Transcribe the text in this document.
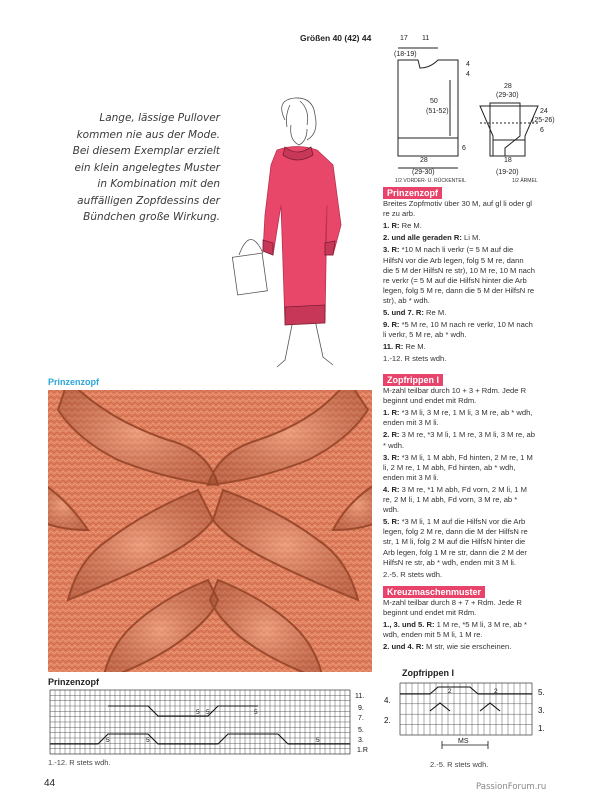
Größen 40 (42) 44	17 11
(18-19)
4
4
50
(51-52)
6
28
(29-30)
28
(29-30)
24
(25-26)
6
18
(19-20)
1/2 VORDER- U. RÜCKENTEIL	1/2 ÄRMEL
Lange, lässige Pullover
kommen nie aus der Mode.
Bei diesem Exemplar erzielt
ein klein angelegtes Muster
in Kombination mit den
auffälligen Zopfdessins der
Bündchen große Wirkung.
Prinzenzopf

Breites Zopfmotiv über 30 M, auf gl li oder gl re zu arb.

1. R: Re M.

2. und alle geraden R: Li M.

3. R: *10 M nach li verkr (= 5 M auf die HilfsN vor die Arb legen, folg 5 M re, dann die 5 M der HilfsN re str), 10 M re, 10 M nach re verkr (= 5 M auf die HilfsN hinter die Arb legen, folg 5 M re, dann die 5 M der HilfsN re str), ab * wdh.

5. und 7. R: Re M.

9. R: *5 M re, 10 M nach re verkr, 10 M nach li verkr, 5 M re, ab * wdh.

11. R: Re M.

1.-12. R stets wdh.

Zopfrippen I

M-zahl teilbar durch 10 + 3 + Rdm. Jede R beginnt und endet mit Rdm.

1. R: *3 M li, 3 M re, 1 M li, 3 M re, ab * wdh, enden mit 3 M li.

2. R: 3 M re, *3 M li, 1 M re, 3 M li, 3 M re, ab * wdh.

3. R: *3 M li, 1 M abh, Fd hinten, 2 M re, 1 M li, 2 M re, 1 M abh, Fd hinten, ab * wdh, enden mit 3 M li.

4. R: 3 M re, *1 M abh, Fd vorn, 2 M li, 1 M re, 2 M li, 1 M abh, Fd vorn, 3 M re, ab * wdh.

5. R: *3 M li, 1 M auf die HilfsN vor die Arb legen, folg 2 M re, dann die M der HilfsN re str, 1 M li, folg 2 M auf die HilfsN hinter die Arb legen, folg 1 M re str, dann die 2 M der HilfsN re str, ab * wdh, enden mit 3 M li.

2.-5. R stets wdh.

Kreuzmaschenmuster

M-zahl teilbar durch 8 + 7 + Rdm. Jede R beginnt und endet mit Rdm.

1., 3. und 5. R: 1 M re, *5 M li, 3 M re, ab * wdh, enden mit 5 M li, 1 M re.

2. und 4. R: M str, wie sie erscheinen.

Prinzenzopf
Prinzenzopf
5	5
5 5	5
5
11.
9.
7.
5.
3.
1.R
1.-12. R stets wdh.
Zopfrippen I
2	2	5.
3.
1.
4.
2.
MS
2.-5. R stets wdh.
44	PassionForum.ru
